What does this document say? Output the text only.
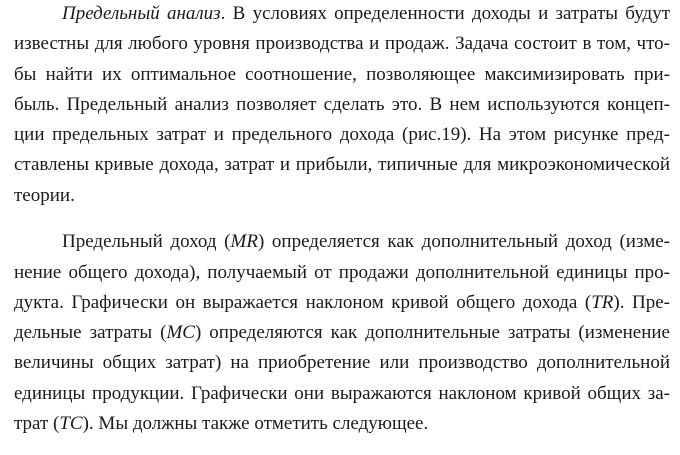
Предельный анализ. В условиях определенности доходы и затраты будут
известны для любого уровня производства и продаж. Задача состоит в том, что-
бы найти их оптимальное соотношение, позволяющее максимизировать при-
быль. Предельный анализ позволяет сделать это. В нем используются концеп-
ции предельных затрат и предельного дохода (рис.19). На этом рисунке пред-
ставлены кривые дохода, затрат и прибыли, типичные для микроэкономической
теории.
Предельный доход (MR) определяется как дополнительный доход (изме-
нение общего дохода), получаемый от продажи дополнительной единицы про-
дукта. Графически он выражается наклоном кривой общего дохода (TR). Пре-
дельные затраты (MC) определяются как дополнительные затраты (изменение
величины общих затрат) на приобретение или производство дополнительной
единицы продукции. Графически они выражаются наклоном кривой общих за-
трат (TC). Мы должны также отметить следующее.
